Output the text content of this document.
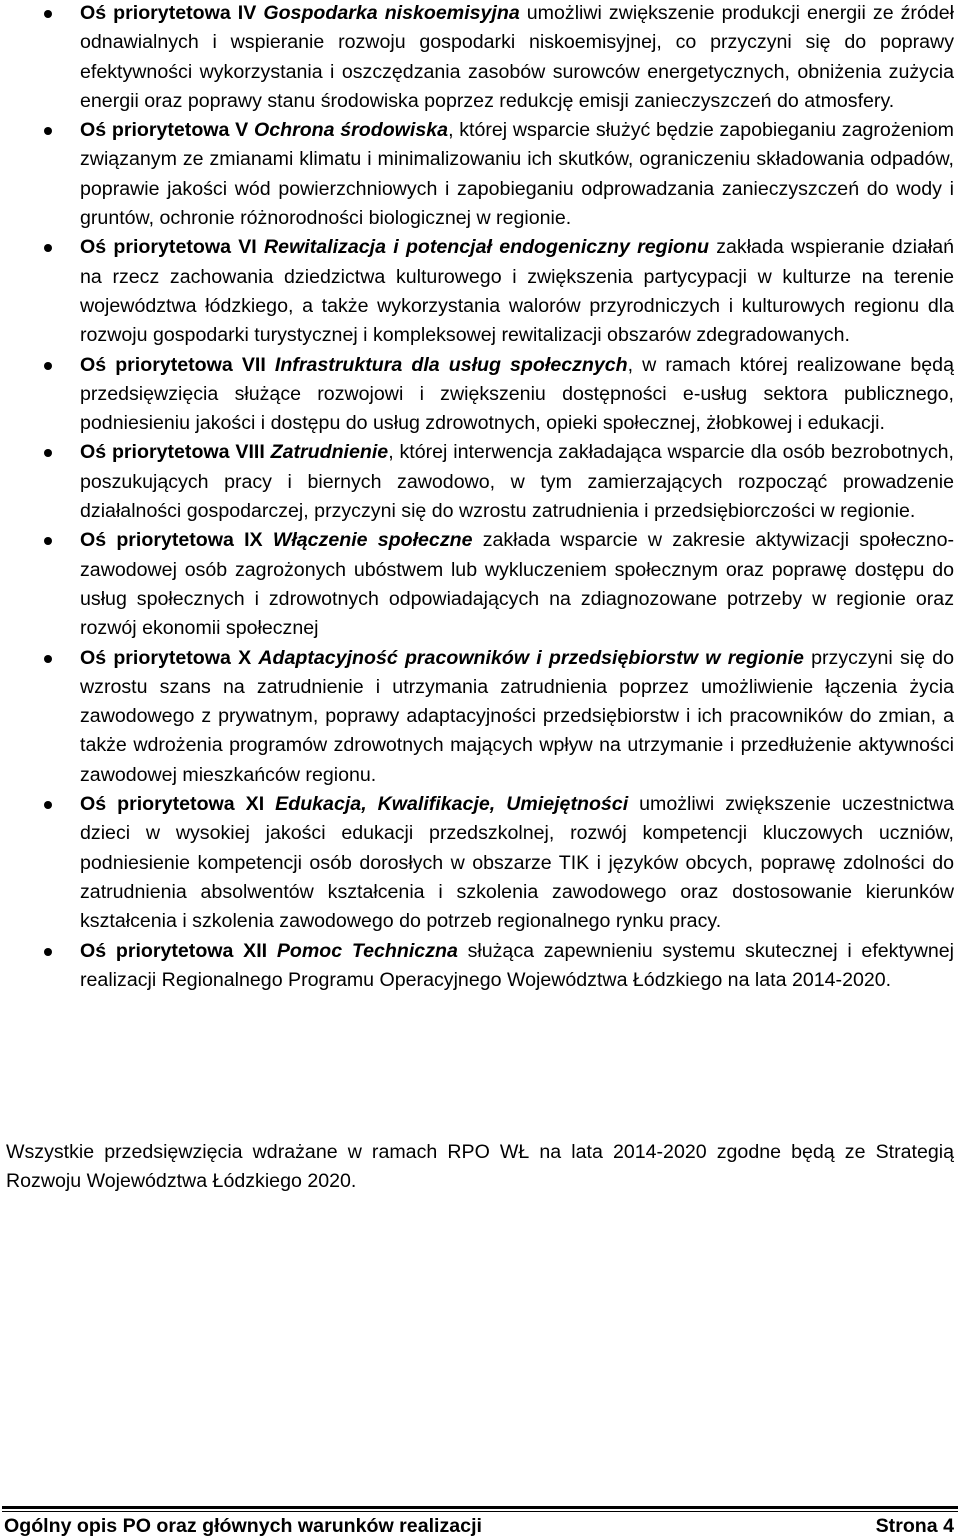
Oś priorytetowa IV Gospodarka niskoemisyjna umożliwi zwiększenie produkcji energii ze źródeł odnawialnych i wspieranie rozwoju gospodarki niskoemisyjnej, co przyczyni się do poprawy efektywności wykorzystania i oszczędzania zasobów surowców energetycznych, obniżenia zużycia energii oraz poprawy stanu środowiska poprzez redukcję emisji zanieczyszczeń do atmosfery.
Oś priorytetowa V Ochrona środowiska, której wsparcie służyć będzie zapobieganiu zagrożeniom związanym ze zmianami klimatu i minimalizowaniu ich skutków, ograniczeniu składowania odpadów, poprawie jakości wód powierzchniowych i zapobieganiu odprowadzania zanieczyszczeń do wody i gruntów, ochronie różnorodności biologicznej w regionie.
Oś priorytetowa VI Rewitalizacja i potencjał endogeniczny regionu zakłada wspieranie działań na rzecz zachowania dziedzictwa kulturowego i zwiększenia partycypacji w kulturze na terenie województwa łódzkiego, a także wykorzystania walorów przyrodniczych i kulturowych regionu dla rozwoju gospodarki turystycznej i kompleksowej rewitalizacji obszarów zdegradowanych.
Oś priorytetowa VII Infrastruktura dla usług społecznych, w ramach której realizowane będą przedsięwzięcia służące rozwojowi i zwiększeniu dostępności e-usług sektora publicznego, podniesieniu jakości i dostępu do usług zdrowotnych, opieki społecznej, żłobkowej i edukacji.
Oś priorytetowa VIII Zatrudnienie, której interwencja zakładająca wsparcie dla osób bezrobotnych, poszukujących pracy i biernych zawodowo, w tym zamierzających rozpocząć prowadzenie działalności gospodarczej, przyczyni się do wzrostu zatrudnienia i przedsiębiorczości w regionie.
Oś priorytetowa IX Włączenie społeczne zakłada wsparcie w zakresie aktywizacji społeczno-zawodowej osób zagrożonych ubóstwem lub wykluczeniem społecznym oraz poprawę dostępu do usług społecznych i zdrowotnych odpowiadających na zdiagnozowane potrzeby w regionie oraz rozwój ekonomii społecznej
Oś priorytetowa X Adaptacyjność pracowników i przedsiębiorstw w regionie przyczyni się do wzrostu szans na zatrudnienie i utrzymania zatrudnienia poprzez umożliwienie łączenia życia zawodowego z prywatnym, poprawy adaptacyjności przedsiębiorstw i ich pracowników do zmian, a także wdrożenia programów zdrowotnych mających wpływ na utrzymanie i przedłużenie aktywności zawodowej mieszkańców regionu.
Oś priorytetowa XI Edukacja, Kwalifikacje, Umiejętności umożliwi zwiększenie uczestnictwa dzieci w wysokiej jakości edukacji przedszkolnej, rozwój kompetencji kluczowych uczniów, podniesienie kompetencji osób dorosłych w obszarze TIK i języków obcych, poprawę zdolności do zatrudnienia absolwentów kształcenia i szkolenia zawodowego oraz dostosowanie kierunków kształcenia i szkolenia zawodowego do potrzeb regionalnego rynku pracy.
Oś priorytetowa XII Pomoc Techniczna służąca zapewnieniu systemu skutecznej i efektywnej realizacji Regionalnego Programu Operacyjnego Województwa Łódzkiego na lata 2014-2020.

Wszystkie przedsięwzięcia wdrażane w ramach RPO WŁ na lata 2014-2020 zgodne będą ze Strategią Rozwoju Województwa Łódzkiego 2020.

Ogólny opis PO oraz głównych warunków realizacji	Strona 4
